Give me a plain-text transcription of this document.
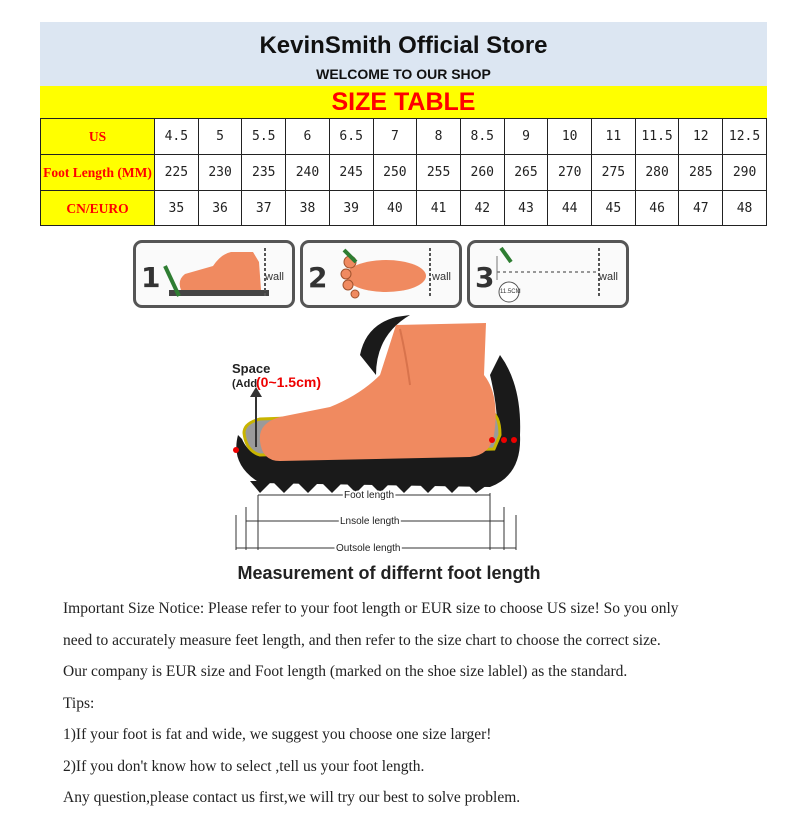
KevinSmith Official Store
WELCOME TO OUR SHOP
SIZE TABLE
US	4.5	5	5.5	6	6.5	7	8	8.5	9	10	11	11.5	12	12.5
Foot Length (MM)	225	230	235	240	245	250	255	260	265	270	275	280	285	290
CN/EURO	35	36	37	38	39	40	41	42	43	44	45	46	47	48
1	wall 2	wall 3	wall
11.5CM
Foot length
Lnsole length
Outsole length
Space
(Add
(0~1.5cm)
Measurement of differnt foot length
Important Size Notice: Please refer to your foot length or EUR size to choose US size! So you only
need to accurately measure feet length, and then refer to the size chart to choose the correct size.
Our company is EUR size and Foot length (marked on the shoe size lablel) as the standard.
Tips:
1)If your foot is fat and wide, we suggest you choose one size larger!
2)If you don't know how to select ,tell us your foot length.
Any question,please contact us first,we will try our best to solve problem.
